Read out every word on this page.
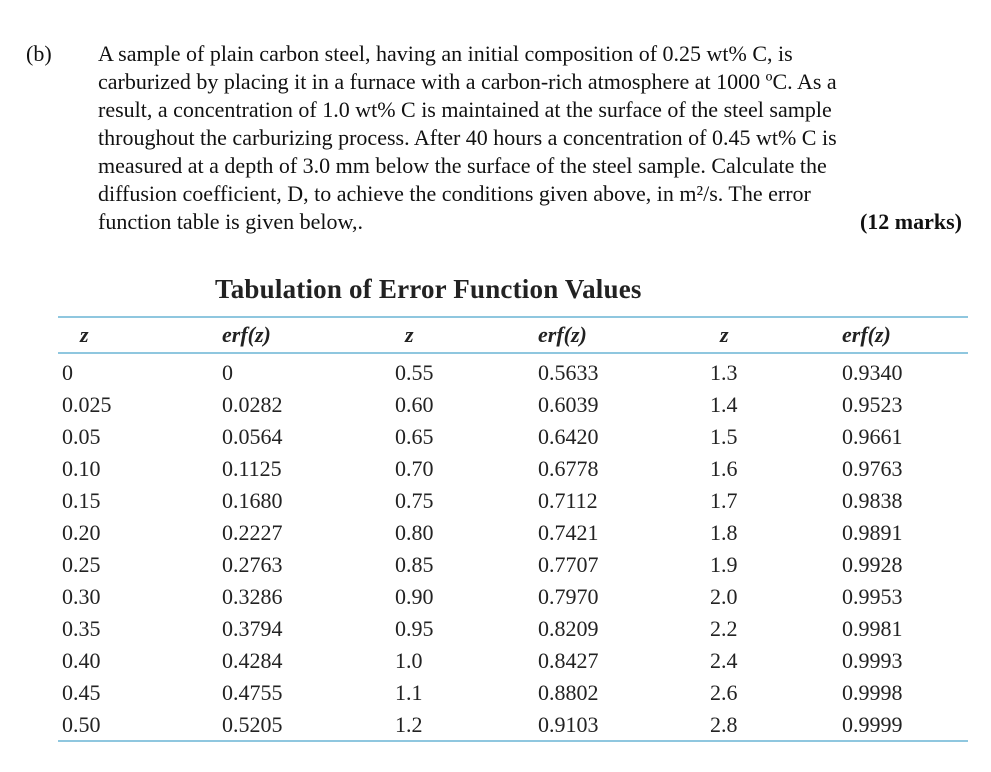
(b) A sample of plain carbon steel, having an initial composition of 0.25 wt% C, is
carburized by placing it in a furnace with a carbon-rich atmosphere at 1000 ºC. As a
result, a concentration of 1.0 wt% C is maintained at the surface of the steel sample
throughout the carburizing process. After 40 hours a concentration of 0.45 wt% C is
measured at a depth of 3.0 mm below the surface of the steel sample. Calculate the
diffusion coefficient, D, to achieve the conditions given above, in m²/s. The error
function table is given below,.	(12 marks)
Tabulation of Error Function Values
z	erf(z)	z	erf(z)	z	erf(z)
0	0	0.55	0.5633	1.3	0.9340
0.025	0.0282	0.60	0.6039	1.4	0.9523
0.05	0.0564	0.65	0.6420	1.5	0.9661
0.10	0.1125	0.70	0.6778	1.6	0.9763
0.15	0.1680	0.75	0.7112	1.7	0.9838
0.20	0.2227	0.80	0.7421	1.8	0.9891
0.25	0.2763	0.85	0.7707	1.9	0.9928
0.30	0.3286	0.90	0.7970	2.0	0.9953
0.35	0.3794	0.95	0.8209	2.2	0.9981
0.40	0.4284	1.0	0.8427	2.4	0.9993
0.45	0.4755	1.1	0.8802	2.6	0.9998
0.50	0.5205	1.2	0.9103	2.8	0.9999
